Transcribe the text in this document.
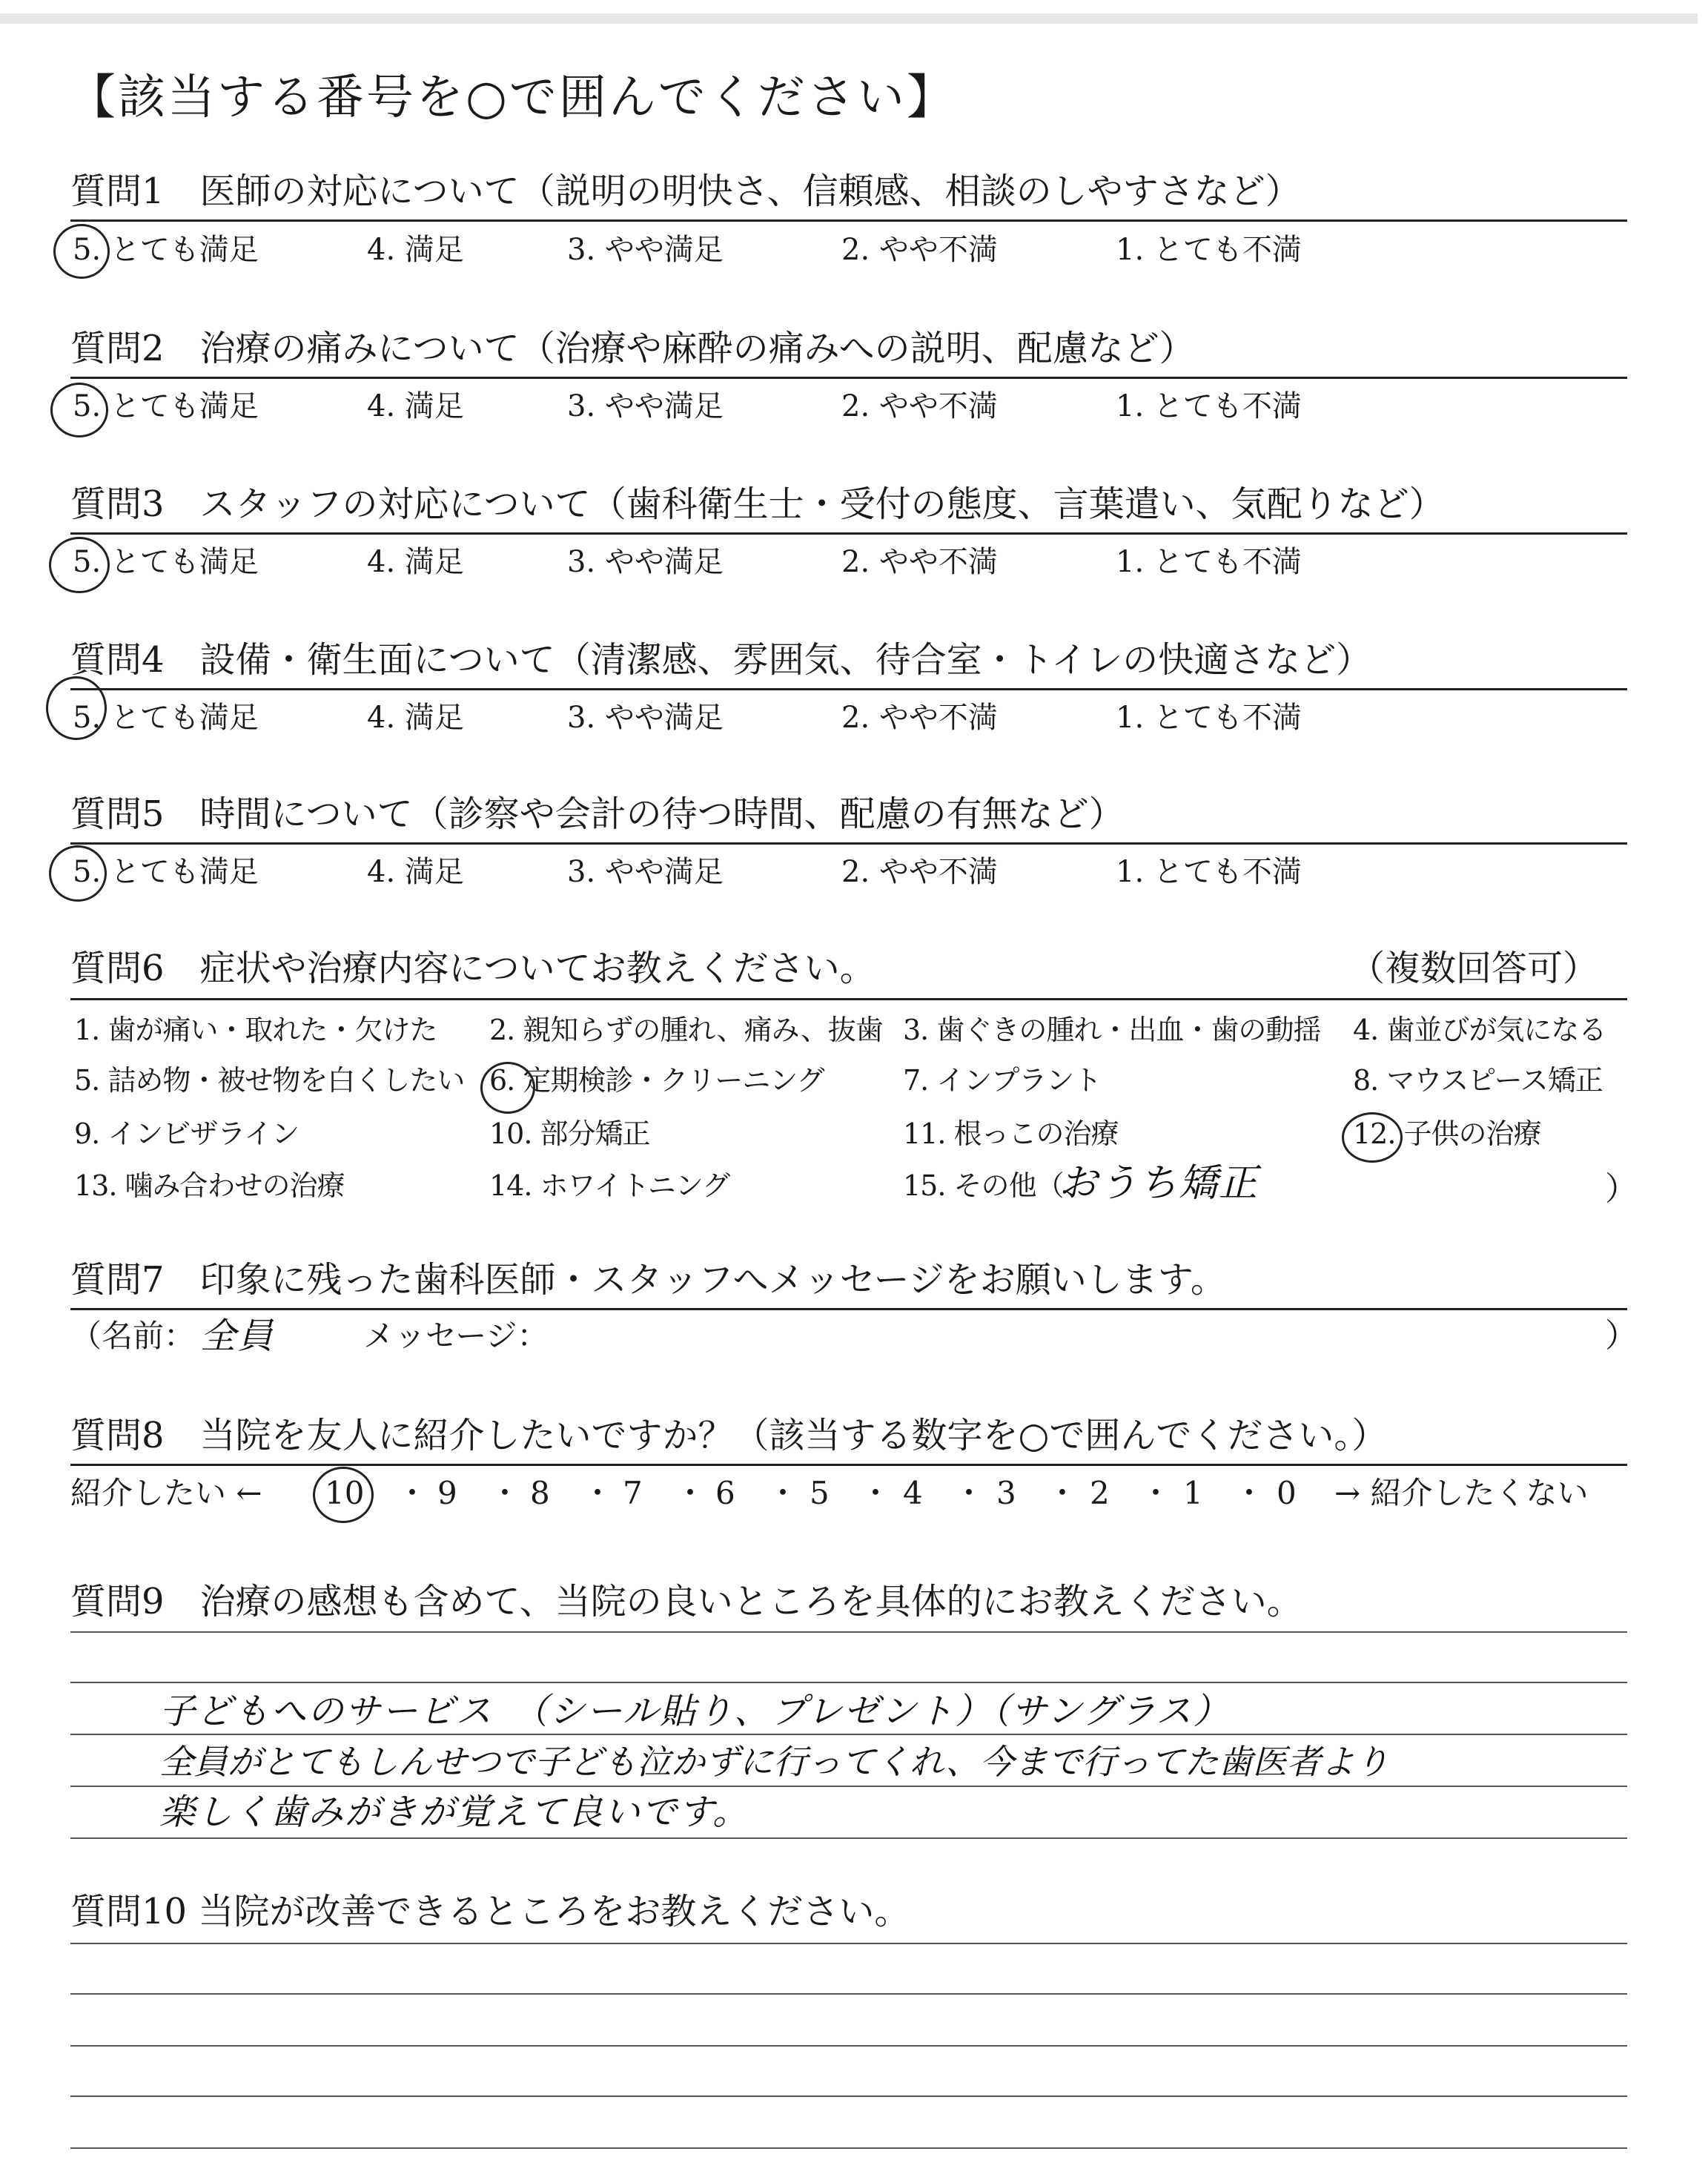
【該当する番号を○で囲んでください】
質問1　医師の対応について（説明の明快さ、信頼感、相談のしやすさなど）
5. とても満足	4. 満足	3. やや満足	2. やや不満	1. とても不満
質問2　治療の痛みについて（治療や麻酔の痛みへの説明、配慮など）
5. とても満足	4. 満足	3. やや満足	2. やや不満	1. とても不満
質問3　スタッフの対応について（歯科衛生士・受付の態度、言葉遣い、気配りなど）
5. とても満足	4. 満足	3. やや満足	2. やや不満	1. とても不満
質問4　設備・衛生面について（清潔感、雰囲気、待合室・トイレの快適さなど）
5. とても満足	4. 満足	3. やや満足	2. やや不満	1. とても不満
質問5　時間について（診察や会計の待つ時間、配慮の有無など）
5. とても満足	4. 満足	3. やや満足	2. やや不満	1. とても不満
質問6　症状や治療内容についてお教えください。	（複数回答可）
1. 歯が痛い・取れた・欠けた 2. 親知らずの腫れ、痛み、抜歯 3. 歯ぐきの腫れ・出血・歯の動揺 4. 歯並びが気になる
5. 詰め物・被せ物を白くしたい 6. 定期検診・クリーニング	7. インプラント	8. マウスピース矯正
9. インビザライン	10. 部分矯正	11. 根っこの治療	12. 子供の治療
13. 噛み合わせの治療	14. ホワイトニング	15. その他（
おうち矯正	）
質問7　印象に残った歯科医師・スタッフへメッセージをお願いします。
（名前： 全員	メッセージ：	）
質問8　当院を友人に紹介したいですか？（該当する数字を○で囲んでください。）
紹介したい ← 10 ・ 9 ・ 8 ・ 7 ・ 6 ・ 5 ・ 4 ・ 3 ・ 2 ・ 1 ・ 0 → 紹介したくない
質問9　治療の感想も含めて、当院の良いところを具体的にお教えください。
子どもへのサービス　（シール貼り、プレゼント）（サングラス）
全員がとてもしんせつで子ども泣かずに行ってくれ、今まで行ってた歯医者より
楽しく歯みがきが覚えて良いです。
質問10 当院が改善できるところをお教えください。
